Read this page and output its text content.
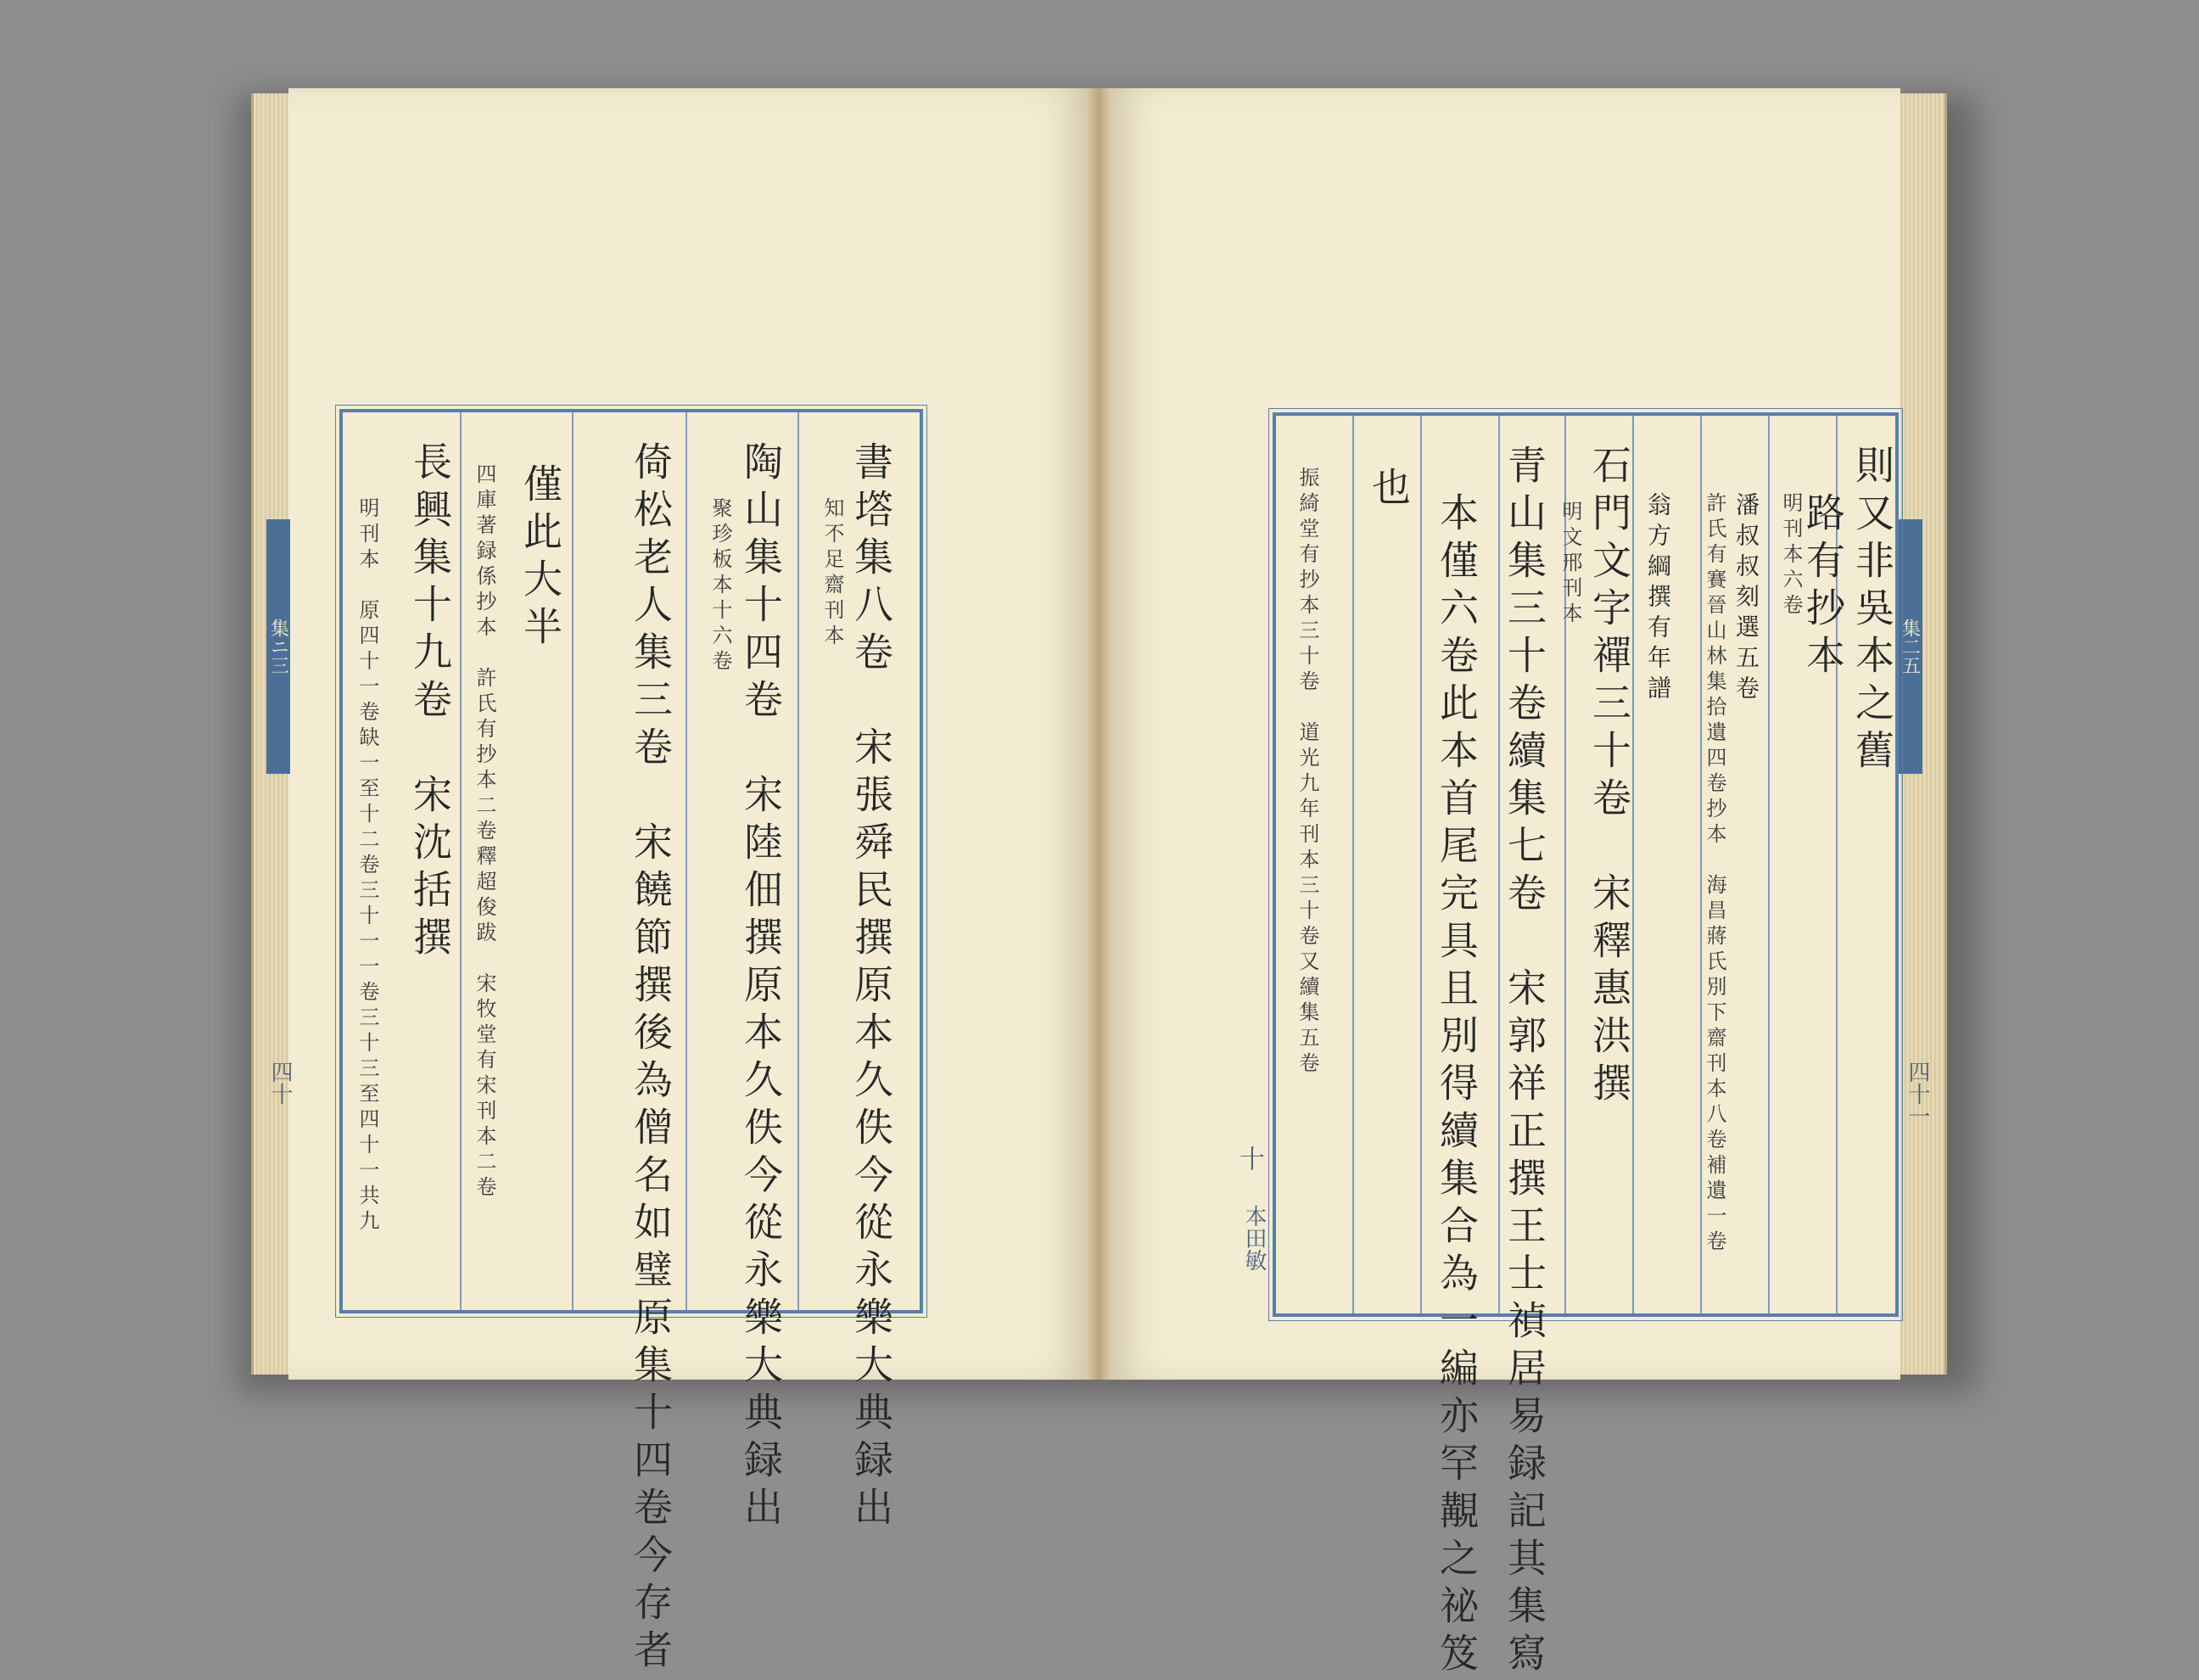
集ニ三
四十
集二五
四十一
書㙮集八卷　宋張舜民撰原本久佚今從永樂大典録出
知不足齋刊本
陶山集十四卷　宋陸佃撰原本久佚今從永樂大典録出
聚珍板本十六卷
倚松老人集三卷　宋饒節撰後為僧名如璧原集十四卷今存者
僅此大半
四庫著録係抄本　許氏有抄本二卷釋超俊跋　宋牧堂有宋刊本二卷
長興集十九卷　宋沈括撰
明刊本　原四十一卷缺一至十二卷三十一一卷三十三至四十一共九	則又非吳本之舊
路有抄本
明刊本六卷
潘叔叔刻選五卷
許氏有賽晉山林集拾遺四卷抄本　海昌蔣氏別下齋刊本八卷補遺一卷
翁方綱撰有年譜
石門文字禪三十卷　宋釋惠洪撰
明文邢刊本
青山集三十卷續集七卷　宋郭祥正撰王士禎居易録記其集寫
本僅六卷此本首尾完具且別得續集合為一編亦罕覯之祕笈
也
振綺堂有抄本三十卷　道光九年刊本三十卷又續集五卷
十
本田敏
